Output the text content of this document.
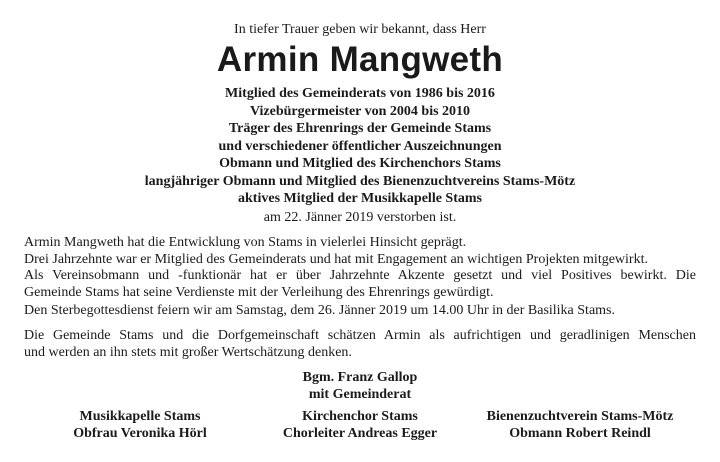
In tiefer Trauer geben wir bekannt, dass Herr
Armin Mangweth
Mitglied des Gemeinderats von 1986 bis 2016
Vizebürgermeister von 2004 bis 2010
Träger des Ehrenrings der Gemeinde Stams
und verschiedener öffentlicher Auszeichnungen
Obmann und Mitglied des Kirchenchors Stams
langjähriger Obmann und Mitglied des Bienenzuchtvereins Stams-Mötz
aktives Mitglied der Musikkapelle Stams
am 22. Jänner 2019 verstorben ist.
Armin Mangweth hat die Entwicklung von Stams in vielerlei Hinsicht geprägt.
Drei Jahrzehnte war er Mitglied des Gemeinderats und hat mit Engagement an wichtigen Projekten mitgewirkt.
Als Vereinsobmann und -funktionär hat er über Jahrzehnte Akzente gesetzt und viel Positives bewirkt. Die
Gemeinde Stams hat seine Verdienste mit der Verleihung des Ehrenrings gewürdigt.
Den Sterbegottesdienst feiern wir am Samstag, dem 26. Jänner 2019 um 14.00 Uhr in der Basilika Stams.
Die Gemeinde Stams und die Dorfgemeinschaft schätzen Armin als aufrichtigen und geradlinigen Menschen
und werden an ihn stets mit großer Wertschätzung denken.
Bgm. Franz Gallop
mit Gemeinderat
Musikkapelle Stams
Obfrau Veronika Hörl
Kirchenchor Stams
Chorleiter Andreas Egger
Bienenzuchtverein Stams-Mötz
Obmann Robert Reindl
